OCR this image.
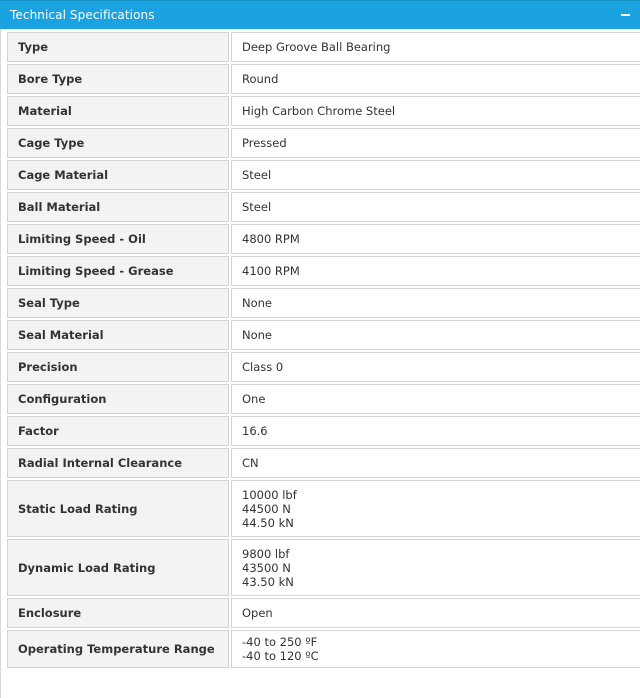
Technical Specifications
Type	Deep Groove Ball Bearing

Bore Type	Round

Material	High Carbon Chrome Steel

Cage Type	Pressed

Cage Material	Steel

Ball Material	Steel

Limiting Speed - Oil	4800 RPM

Limiting Speed - Grease	4100 RPM

Seal Type	None

Seal Material	None

Precision	Class 0

Configuration	One

Factor	16.6

Radial Internal Clearance	CN

Static Load Rating	10000 lbf
44500 N
44.50 kN

Dynamic Load Rating	9800 lbf
43500 N
43.50 kN

Enclosure	Open

Operating Temperature Range	-40 to 250 ºF
-40 to 120 ºC
